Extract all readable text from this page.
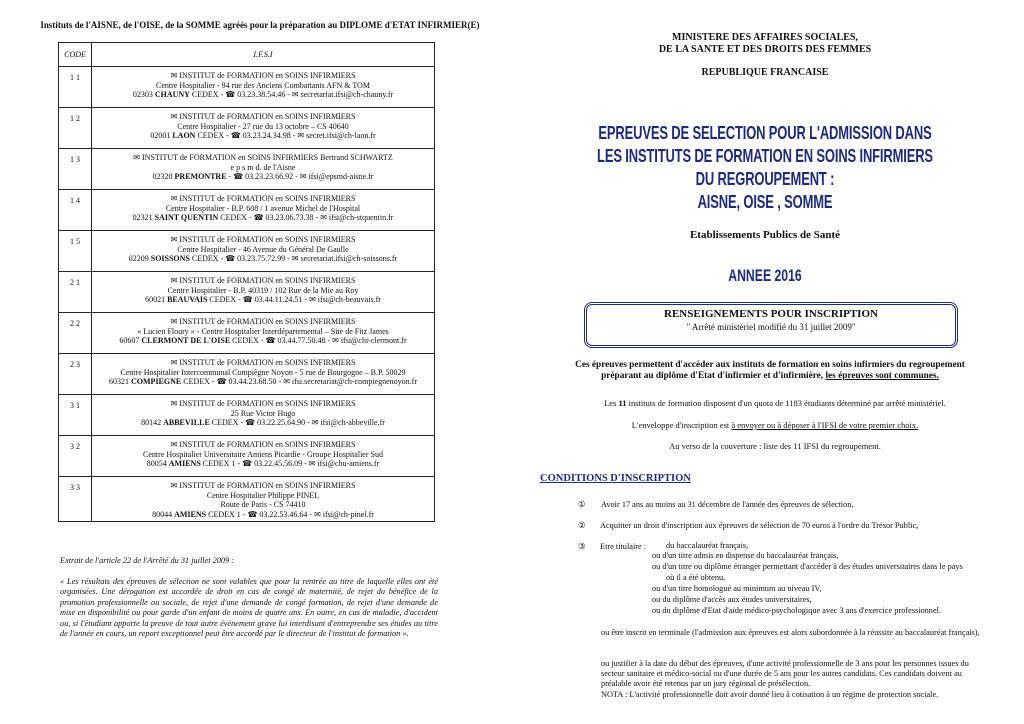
Instituts de l'AISNE, de l'OISE, de la SOMME agréés pour la préparation au DIPLOME d'ETAT INFIRMIER(E)
CODE	I.F.S.I
1 1	✉ INSTITUT de FORMATION en SOINS INFIRMIERS
Centre Hospitalier - 94 rue des Anciens Combattants AFN & TOM
02303 CHAUNY CEDEX - ☎ 03.23.38.54.46 - ✉ secretariat.ifsi@ch-chauny.fr

1 2	✉ INSTITUT de FORMATION en SOINS INFIRMIERS
Centre Hospitalier - 27 rue du 13 octobre – CS 40640
02001 LAON CEDEX - ☎ 03.23.24.34.98 - ✉ secret.ifsi@ch-laon.fr

1 3	✉ INSTITUT de FORMATION en SOINS INFIRMIERS Bertrand SCHWARTZ
e p s m d. de l'Aisne
02320 PREMONTRE - ☎ 03.23.23.66.92 - ✉ ifsi@epsmd-aisne.fr

1 4	✉ INSTITUT de FORMATION en SOINS INFIRMIERS
Centre Hospitalier - B.P. 608 / 1 avenue Michel de l'Hospital
02321 SAINT QUENTIN CEDEX - ☎ 03.23.06.73.38 - ✉ ifsi@ch-stquentin.fr

1 5	✉ INSTITUT de FORMATION en SOINS INFIRMIERS
Centre Hospitalier - 46 Avenue du Général De Gaulle
02209 SOISSONS CEDEX - ☎ 03.23.75.72.99 - ✉ secretariat.ifsi@ch-soissons.fr

2 1	✉ INSTITUT de FORMATION en SOINS INFIRMIERS
Centre Hospitalier - B.P. 40319 / 102 Rue de la Mie au Roy
60021 BEAUVAIS CEDEX - ☎ 03.44.11.24.51 - ✉ ifsi@ch-beauvais.fr

2 2	✉ INSTITUT de FORMATION en SOINS INFIRMIERS
« Lucien Floury » - Centre Hospitalier Interdépartemental – Site de Fitz James
60607 CLERMONT DE L'OISE CEDEX - ☎ 03.44.77.50.48 - ✉ ifsi@chi-clermont.fr

2 3	✉ INSTITUT de FORMATION en SOINS INFIRMIERS
Centre Hospitalier Intercommunal Compiègne Noyon - 5 rue de Bourgogne – B.P. 50029
60321 COMPIEGNE CEDEX - ☎ 03.44.23.68.50 - ✉ ifsi.secretariat@ch-compiegnenoyon.fr

3 1	✉ INSTITUT de FORMATION en SOINS INFIRMIERS
25 Rue Victor Hugo
80142 ABBEVILLE CEDEX - ☎ 03.22.25.64.90 - ✉ ifsi@ch-abbeville.fr

3 2	✉ INSTITUT de FORMATION en SOINS INFIRMIERS
Centre Hospitalier Universitaire Amiens Picardie - Groupe Hospitalier Sud
80054 AMIENS CEDEX 1 - ☎ 03.22.45.56.09 - ✉ ifsi@chu-amiens.fr

3 3	✉ INSTITUT de FORMATION en SOINS INFIRMIERS
Centre Hospitalier Philippe PINEL
Route de Paris - CS 74410
80044 AMIENS CEDEX 1 - ☎ 03.22.53.46.64 - ✉ ifsi@ch-pinel.fr

Extrait de l'article 22 de l'Arrêté du 31 juillet 2009 :

« Les résultats des épreuves de sélection ne sont valables que pour la rentrée au titre de laquelle elles ont été organisées. Une dérogation est accordée de droit en cas de congé de maternité, de rejet du bénéfice de la promotion professionnelle ou sociale, de rejet d'une demande de congé formation, de rejet d'une demande de mise en disponibilité ou pour garde d'un enfant de moins de quatre ans. En outre, en cas de maladie, d'accident ou, si l'étudiant apporte la preuve de tout autre événement grave lui interdisant d'entreprendre ses études au titre de l'année en cours, un report exceptionnel peut être accordé par le directeur de l'institut de formation ».

MINISTERE DES AFFAIRES SOCIALES,
DE LA SANTE ET DES DROITS DES FEMMES
REPUBLIQUE FRANCAISE
EPREUVES DE SELECTION POUR L'ADMISSION DANS
LES INSTITUTS DE FORMATION EN SOINS INFIRMIERS DU REGROUPEMENT :
AISNE, OISE , SOMME
Etablissements Publics de Santé
ANNEE 2016
RENSEIGNEMENTS POUR INSCRIPTION
" Arrêté ministériel modifié du 31 juillet 2009"
Ces épreuves permettent d'accéder aux instituts de formation en soins infirmiers du regroupement
préparant au diplôme d'Etat d'infirmier et d'infirmière, les épreuves sont communes.
Les 11 instituts de formation disposent d'un quota de 1183 étudiants déterminé par arrêté ministériel.
L'enveloppe d'inscription est à envoyer ou à déposer à l'IFSI de votre premier choix.
Au verso de la couverture : liste des 11 IFSI du regroupement.
CONDITIONS D'INSCRIPTION
① Avoir 17 ans au moins au 31 décembre de l'année des épreuves de sélection,
② Acquitter un droit d'inscription aux épreuves de sélection de 70 euros à l'ordre du Trésor Public,
③ Etre titulaire : du baccalauréat français,
ou d'un titre admis en dispense du baccalauréat français,
ou d'un titre ou diplôme étranger permettant d'accéder à des études universitaires dans le pays
où il a été obtenu,
ou d'un titre homologué au minimum au niveau IV,
ou du diplôme d'accès aux études universitaires,
ou du diplôme d'Etat d'aide médico-psychologique avec 3 ans d'exercice professionnel.
ou être inscrit en terminale (l'admission aux épreuves est alors subordonnée à la réussite au baccalauréat français),
ou justifier à la date du début des épreuves, d'une activité professionnelle de 3 ans pour les personnes issues du secteur sanitaire et médico-social ou d'une durée de 5 ans pour les autres candidats. Ces candidats doivent au préalable avoir été retenus par un jury régional de présélection.
NOTA : L'activité professionnelle doit avoir donné lieu à cotisation à un régime de protection sociale.
